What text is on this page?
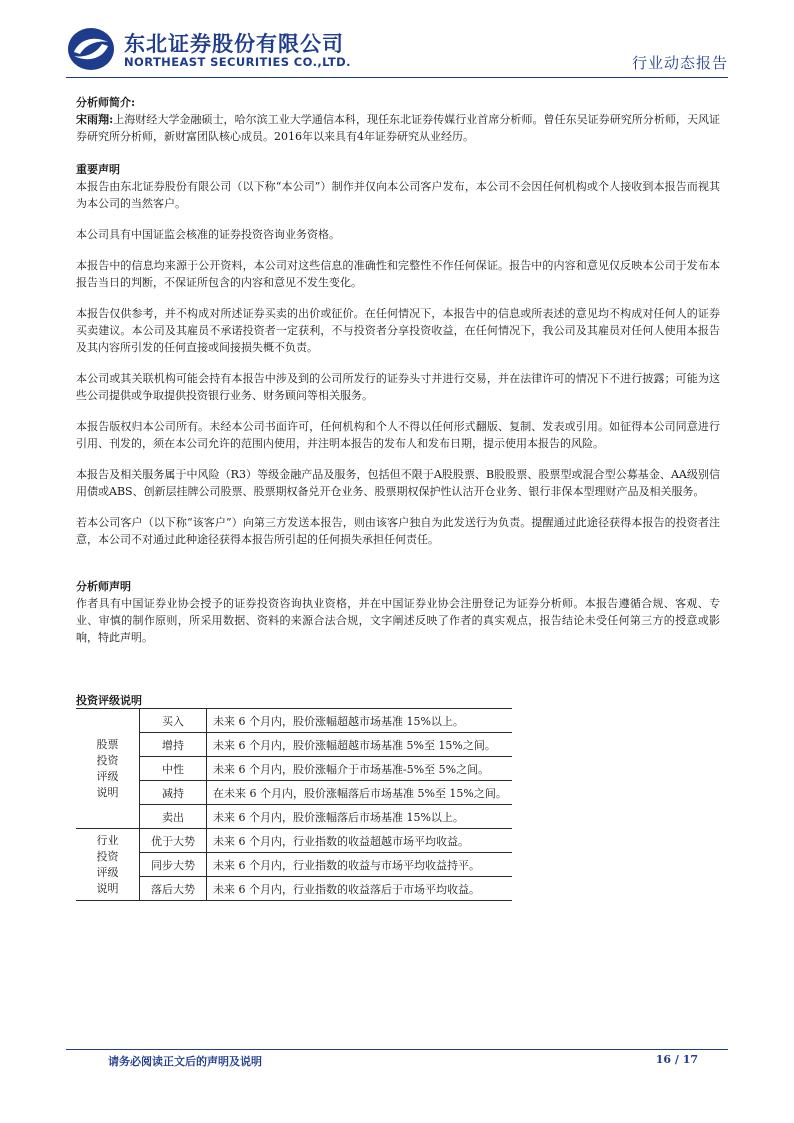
东北证券股份有限公司
NORTHEAST SECURITIES CO.,LTD.	行业动态报告

分析师简介:

宋雨翔:上海财经大学金融硕士，哈尔滨工业大学通信本科，现任东北证券传媒行业首席分析师。曾任东吴证券研究所分析师，天风证券研究所分析师，新财富团队核心成员。2016年以来具有4年证券研究从业经历。

重要声明

本报告由东北证券股份有限公司（以下称“本公司”）制作并仅向本公司客户发布，本公司不会因任何机构或个人接收到本报告而视其为本公司的当然客户。

本公司具有中国证监会核准的证券投资咨询业务资格。

本报告中的信息均来源于公开资料，本公司对这些信息的准确性和完整性不作任何保证。报告中的内容和意见仅反映本公司于发布本报告当日的判断，不保证所包含的内容和意见不发生变化。

本报告仅供参考，并不构成对所述证券买卖的出价或征价。在任何情况下，本报告中的信息或所表述的意见均不构成对任何人的证券买卖建议。本公司及其雇员不承诺投资者一定获利，不与投资者分享投资收益，在任何情况下，我公司及其雇员对任何人使用本报告及其内容所引发的任何直接或间接损失概不负责。

本公司或其关联机构可能会持有本报告中涉及到的公司所发行的证券头寸并进行交易，并在法律许可的情况下不进行披露；可能为这些公司提供或争取提供投资银行业务、财务顾问等相关服务。

本报告版权归本公司所有。未经本公司书面许可，任何机构和个人不得以任何形式翻版、复制、发表或引用。如征得本公司同意进行引用、刊发的，须在本公司允许的范围内使用，并注明本报告的发布人和发布日期，提示使用本报告的风险。

本报告及相关服务属于中风险（R3）等级金融产品及服务，包括但不限于A股股票、B股股票、股票型或混合型公募基金、AA级别信用债或ABS、创新层挂牌公司股票、股票期权备兑开仓业务、股票期权保护性认沽开仓业务、银行非保本型理财产品及相关服务。

若本公司客户（以下称“该客户”）向第三方发送本报告，则由该客户独自为此发送行为负责。提醒通过此途径获得本报告的投资者注意，本公司不对通过此种途径获得本报告所引起的任何损失承担任何责任。

分析师声明

作者具有中国证券业协会授予的证券投资咨询执业资格，并在中国证券业协会注册登记为证券分析师。本报告遵循合规、客观、专业、审慎的制作原则，所采用数据、资料的来源合法合规，文字阐述反映了作者的真实观点，报告结论未受任何第三方的授意或影响，特此声明。

投资评级说明
股票
投资
评级
说明	买入	未来 6 个月内，股价涨幅超越市场基准 15%以上。
	增持	未来 6 个月内，股价涨幅超越市场基准 5%至 15%之间。
	中性	未来 6 个月内，股价涨幅介于市场基准-5%至 5%之间。
	减持	在未来 6 个月内，股价涨幅落后市场基准 5%至 15%之间。
	卖出	未来 6 个月内，股价涨幅落后市场基准 15%以上。
行业
投资
评级
说明	优于大势	未来 6 个月内，行业指数的收益超越市场平均收益。
	同步大势	未来 6 个月内，行业指数的收益与市场平均收益持平。
	落后大势	未来 6 个月内，行业指数的收益落后于市场平均收益。
请务必阅读正文后的声明及说明	16 / 17
